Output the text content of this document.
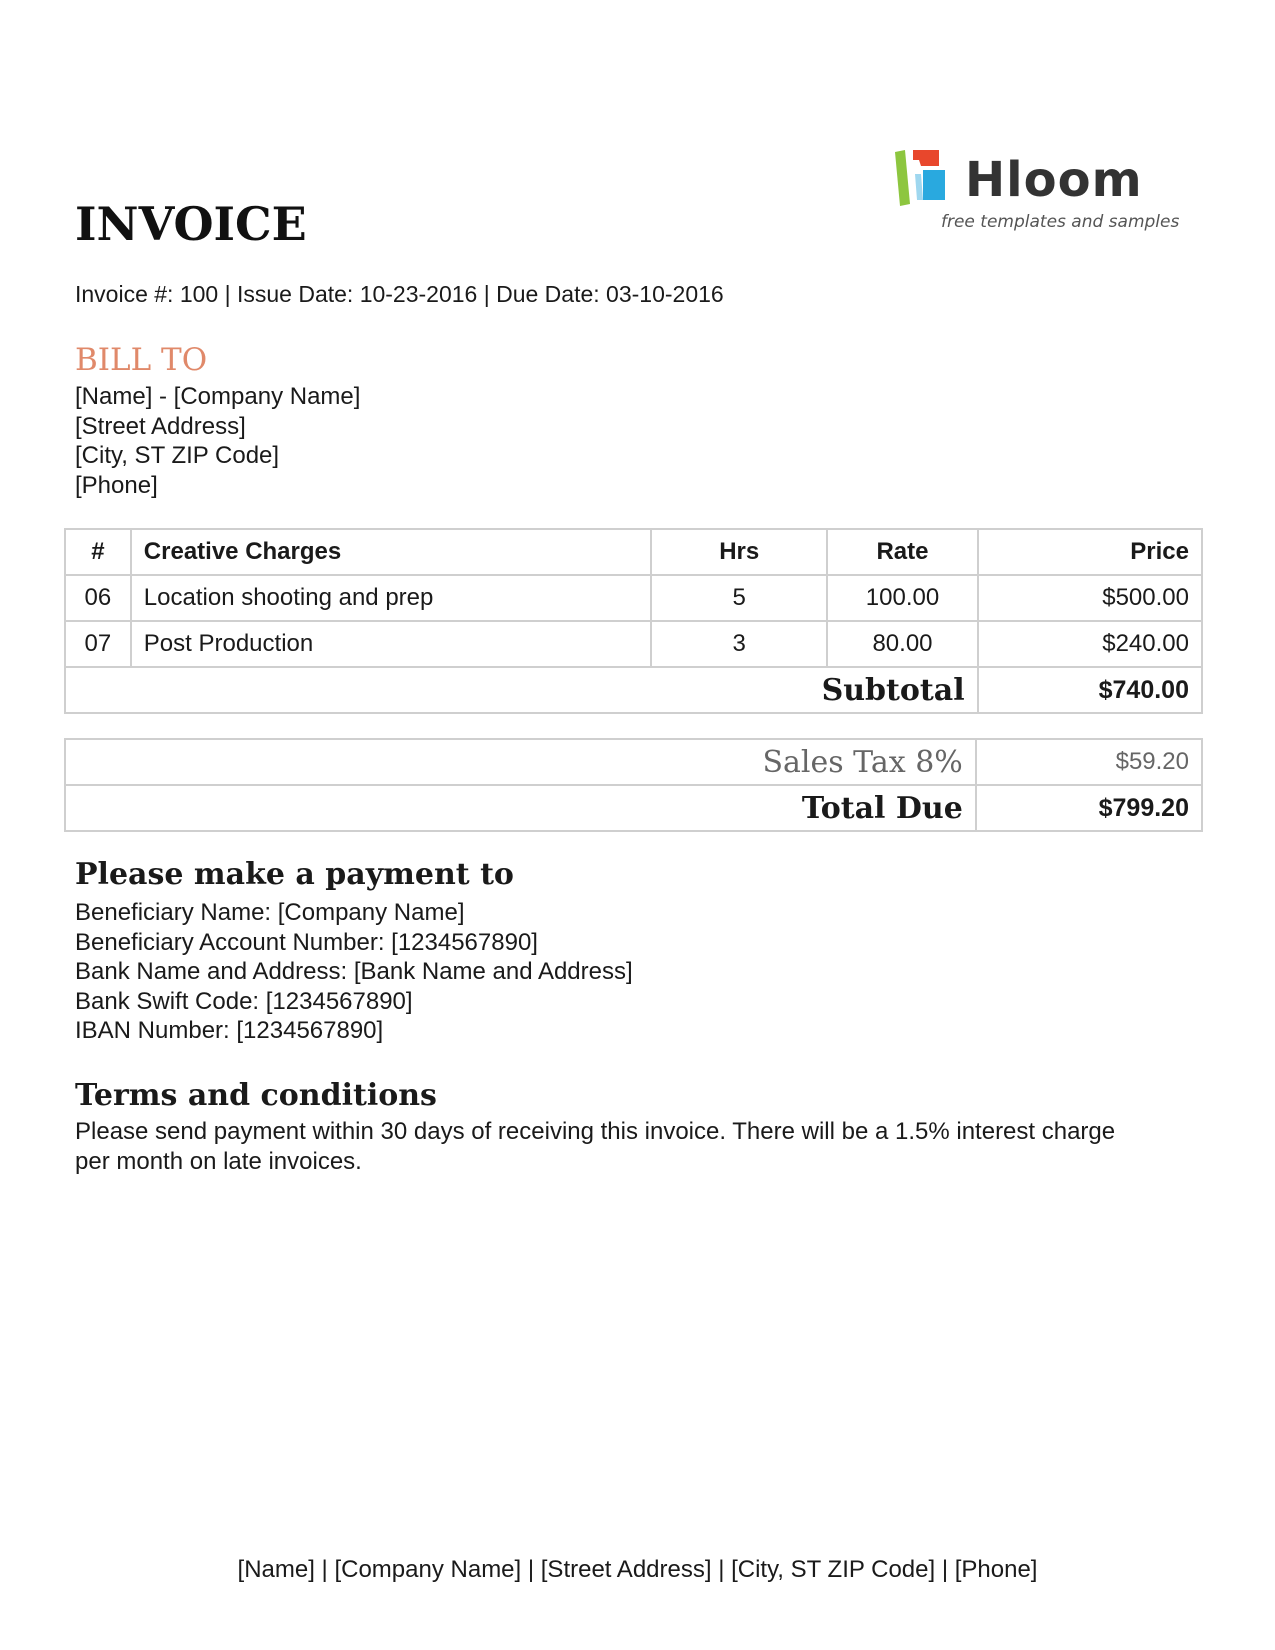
Hloom
free templates and samples
INVOICE
Invoice #: 100 | Issue Date: 10-23-2016 | Due Date: 03-10-2016
BILL TO
[Name] - [Company Name]
[Street Address]
[City, ST ZIP Code]
[Phone]
#	Creative Charges	Hrs	Rate	Price
06	Location shooting and prep	5	100.00	$500.00
07	Post Production	3	80.00	$240.00
Subtotal				$740.00
Sales Tax 8%	$59.20
Total Due	$799.20
Please make a payment to
Beneficiary Name: [Company Name]
Beneficiary Account Number: [1234567890]
Bank Name and Address: [Bank Name and Address]
Bank Swift Code: [1234567890]
IBAN Number: [1234567890]
Terms and conditions
Please send payment within 30 days of receiving this invoice. There will be a 1.5% interest charge per month on late invoices.
[Name] | [Company Name] | [Street Address] | [City, ST ZIP Code] | [Phone]
